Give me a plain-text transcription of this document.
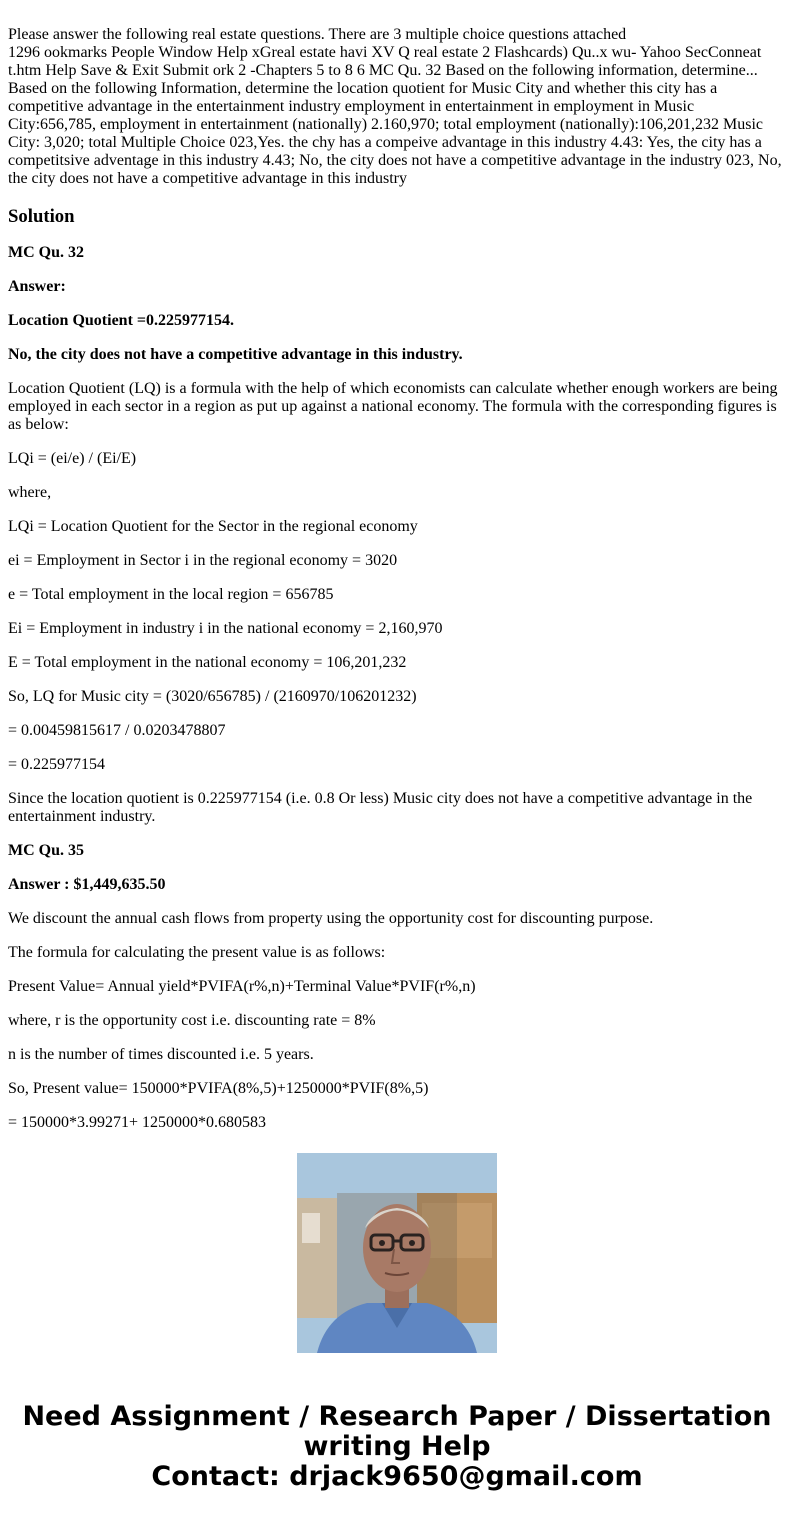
Please answer the following real estate questions. There are 3 multiple choice questions attached
1296 ookmarks People Window Help xGreal estate havi XV Q real estate 2 Flashcards) Qu..x wu- Yahoo SecConneat t.htm Help Save & Exit Submit ork 2 -Chapters 5 to 8 6 MC Qu. 32 Based on the following information, determine... Based on the following Information, determine the location quotient for Music City and whether this city has a competitive advantage in the entertainment industry employment in entertainment in employment in Music City:656,785, employment in entertainment (nationally) 2.160,970; total employment (nationally):106,201,232 Music City: 3,020; total Multiple Choice 023,Yes. the chy has a compeive advantage in this industry 4.43: Yes, the city has a competitsive adventage in this industry 4.43; No, the city does not have a competitive advantage in the industry 023, No, the city does not have a competitive advantage in this industry
Solution

MC Qu. 32

Answer:

Location Quotient =0.225977154.

No, the city does not have a competitive advantage in this industry.

Location Quotient (LQ) is a formula with the help of which economists can calculate whether enough workers are being employed in each sector in a region as put up against a national economy. The formula with the corresponding figures is as below:

LQi = (ei/e) / (Ei/E)

where,

LQi = Location Quotient for the Sector in the regional economy

ei = Employment in Sector i in the regional economy = 3020

e = Total employment in the local region = 656785

Ei = Employment in industry i in the national economy = 2,160,970

E = Total employment in the national economy = 106,201,232

So, LQ for Music city = (3020/656785) / (2160970/106201232)

= 0.00459815617 / 0.0203478807

= 0.225977154

Since the location quotient is 0.225977154 (i.e. 0.8 Or less) Music city does not have a competitive advantage in the entertainment industry.

MC Qu. 35

Answer : $1,449,635.50

We discount the annual cash flows from property using the opportunity cost for discounting purpose.

The formula for calculating the present value is as follows:

Present Value= Annual yield*PVIFA(r%,n)+Terminal Value*PVIF(r%,n)

where, r is the opportunity cost i.e. discounting rate = 8%

n is the number of times discounted i.e. 5 years.

So, Present value= 150000*PVIFA(8%,5)+1250000*PVIF(8%,5)

= 150000*3.99271+ 1250000*0.680583

Need Assignment / Research Paper / Dissertation
writing Help
Contact: drjack9650@gmail.com
